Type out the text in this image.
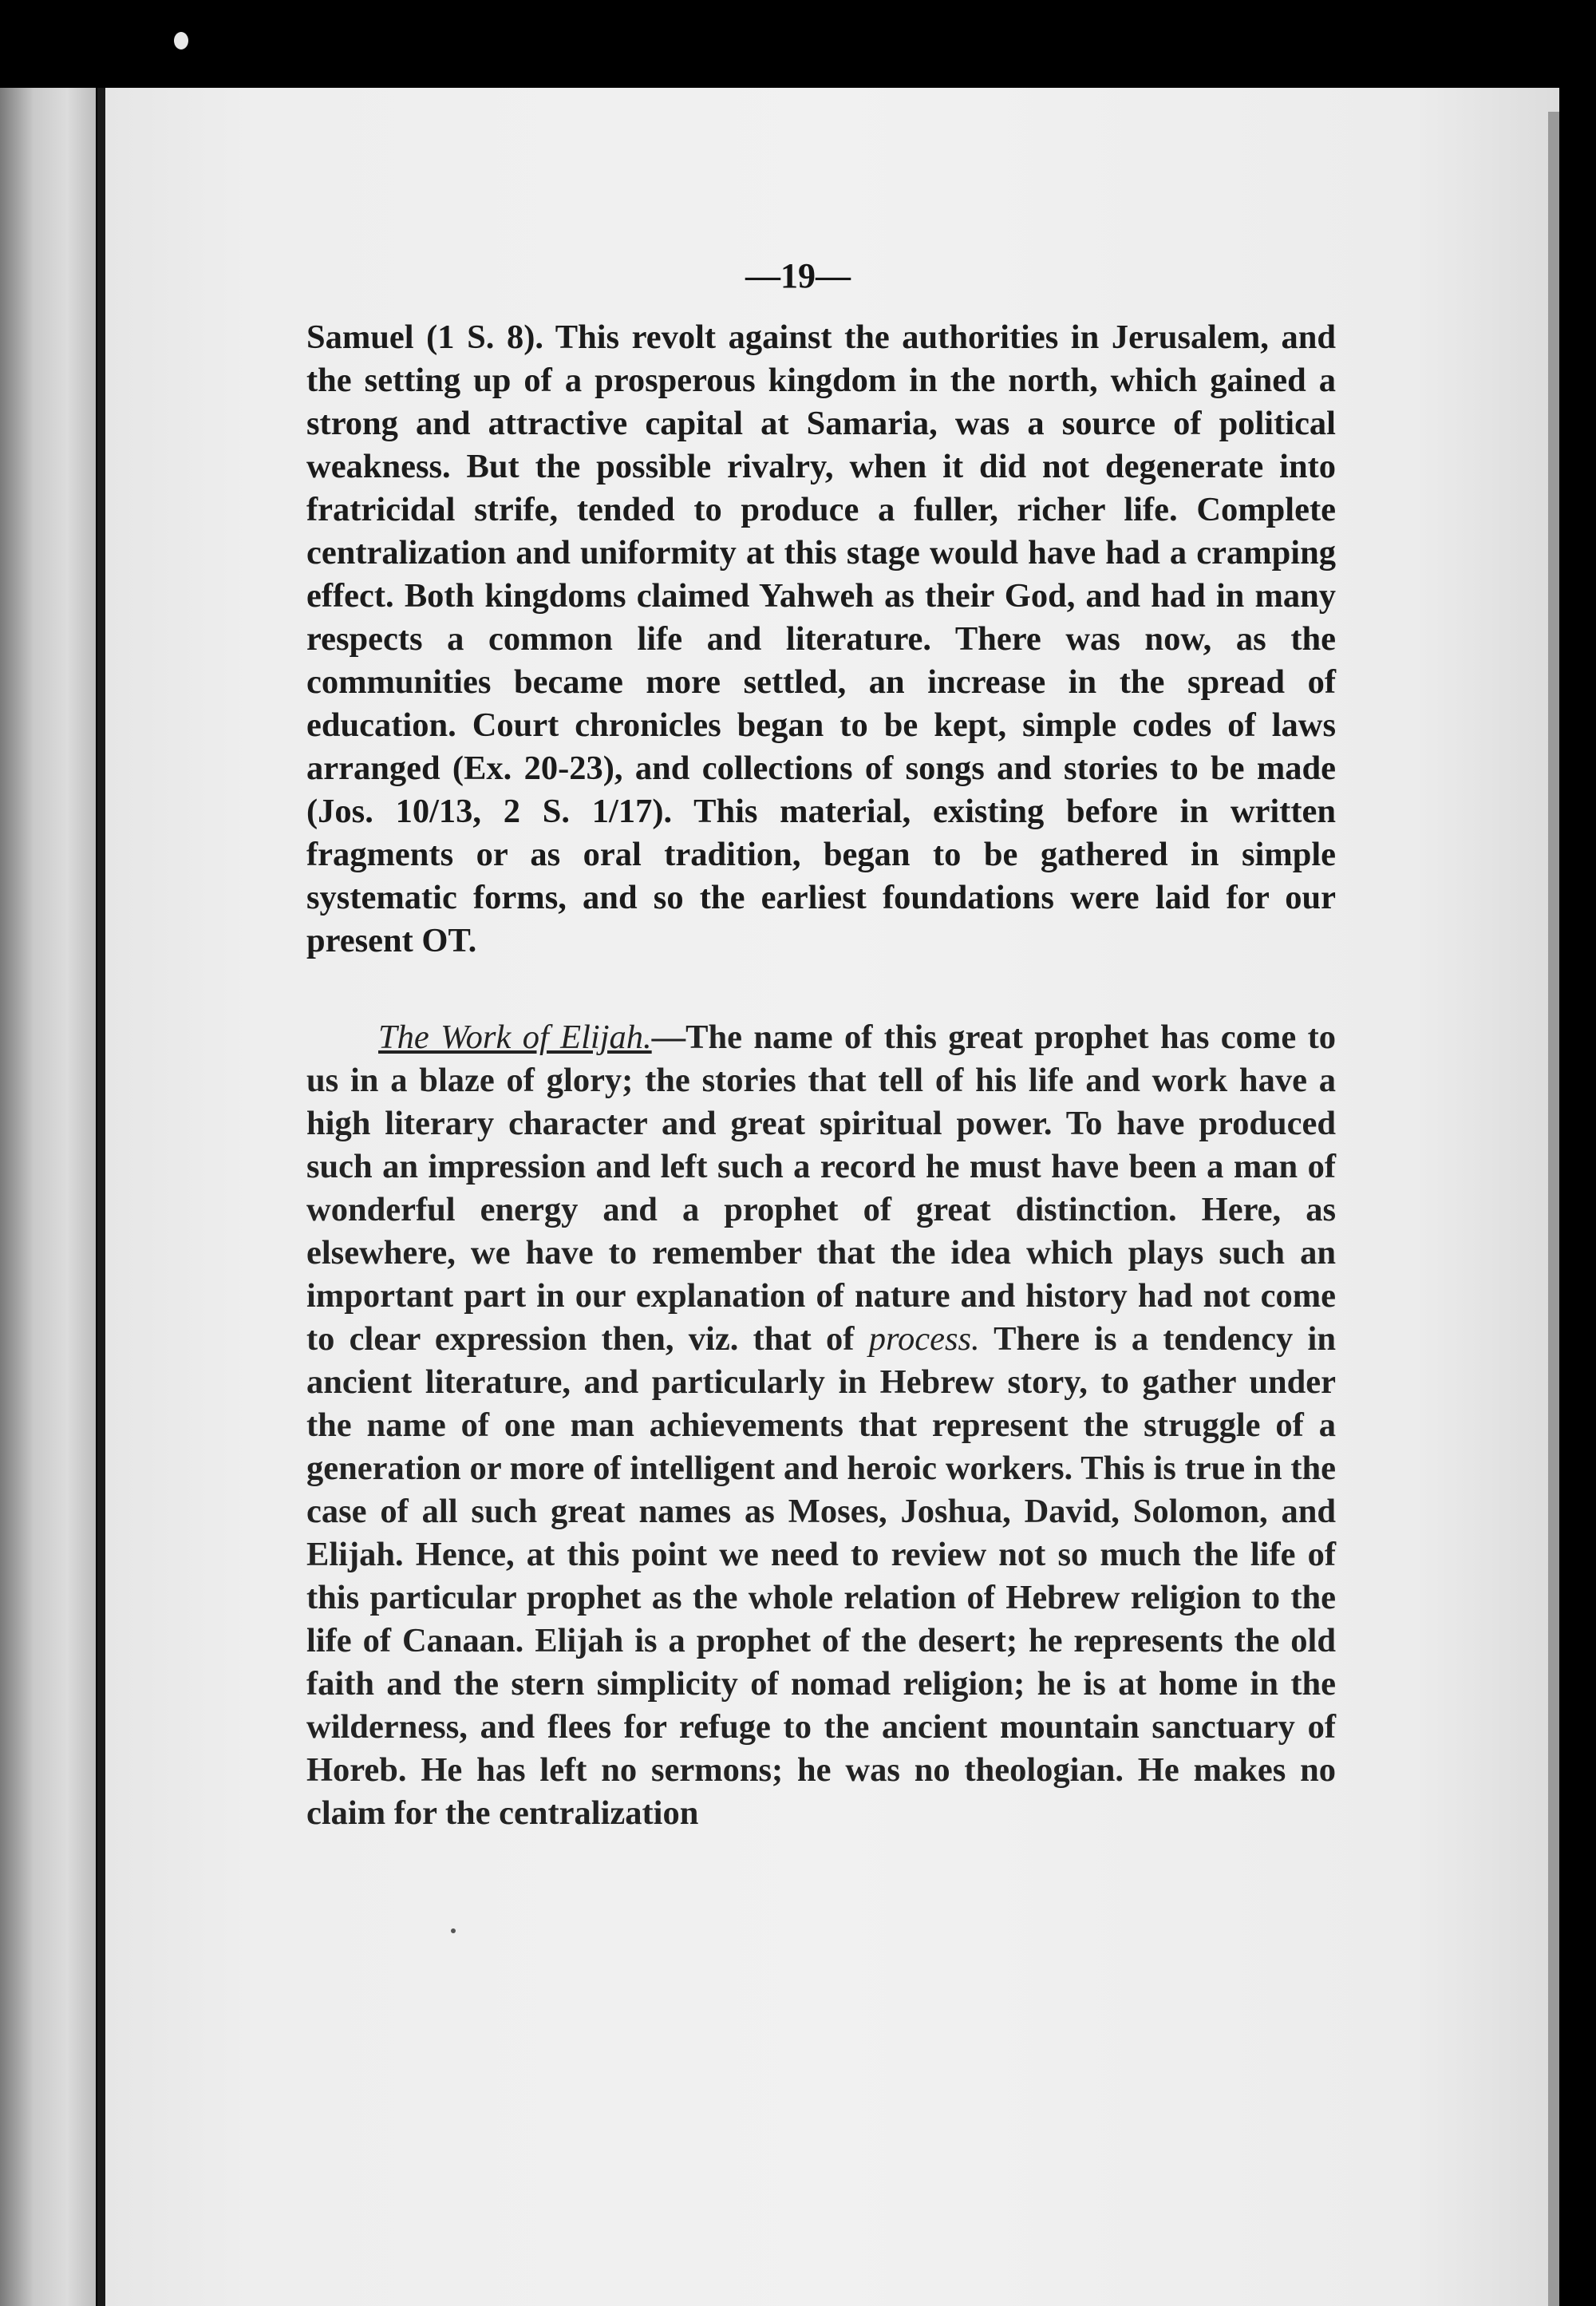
—19—

Samuel (1 S. 8). This revolt against the authorities in Jerusalem, and the setting up of a prosperous kingdom in the north, which gained a strong and attractive capital at Samaria, was a source of political weakness. But the possible rivalry, when it did not degenerate into fratricidal strife, tended to produce a fuller, richer life. Complete centralization and uniformity at this stage would have had a cramping effect. Both kingdoms claimed Yahweh as their God, and had in many respects a common life and literature. There was now, as the communities became more settled, an increase in the spread of education. Court chronicles began to be kept, simple codes of laws arranged (Ex. 20-23), and collections of songs and stories to be made (Jos. 10/13, 2 S. 1/17). This material, existing before in written fragments or as oral tradition, began to be gathered in simple systematic forms, and so the earliest foundations were laid for our present OT.

The Work of Elijah.—The name of this great prophet has come to us in a blaze of glory; the stories that tell of his life and work have a high literary character and great spiritual power. To have produced such an impression and left such a record he must have been a man of wonderful energy and a prophet of great distinction. Here, as elsewhere, we have to remember that the idea which plays such an important part in our explanation of nature and history had not come to clear expression then, viz. that of process. There is a tendency in ancient literature, and particularly in Hebrew story, to gather under the name of one man achievements that represent the struggle of a generation or more of intelligent and heroic workers. This is true in the case of all such great names as Moses, Joshua, David, Solomon, and Elijah. Hence, at this point we need to review not so much the life of this particular prophet as the whole relation of Hebrew religion to the life of Canaan. Elijah is a prophet of the desert; he represents the old faith and the stern simplicity of nomad religion; he is at home in the wilderness, and flees for refuge to the ancient mountain sanctuary of Horeb. He has left no sermons; he was no theologian. He makes no claim for the centralization
